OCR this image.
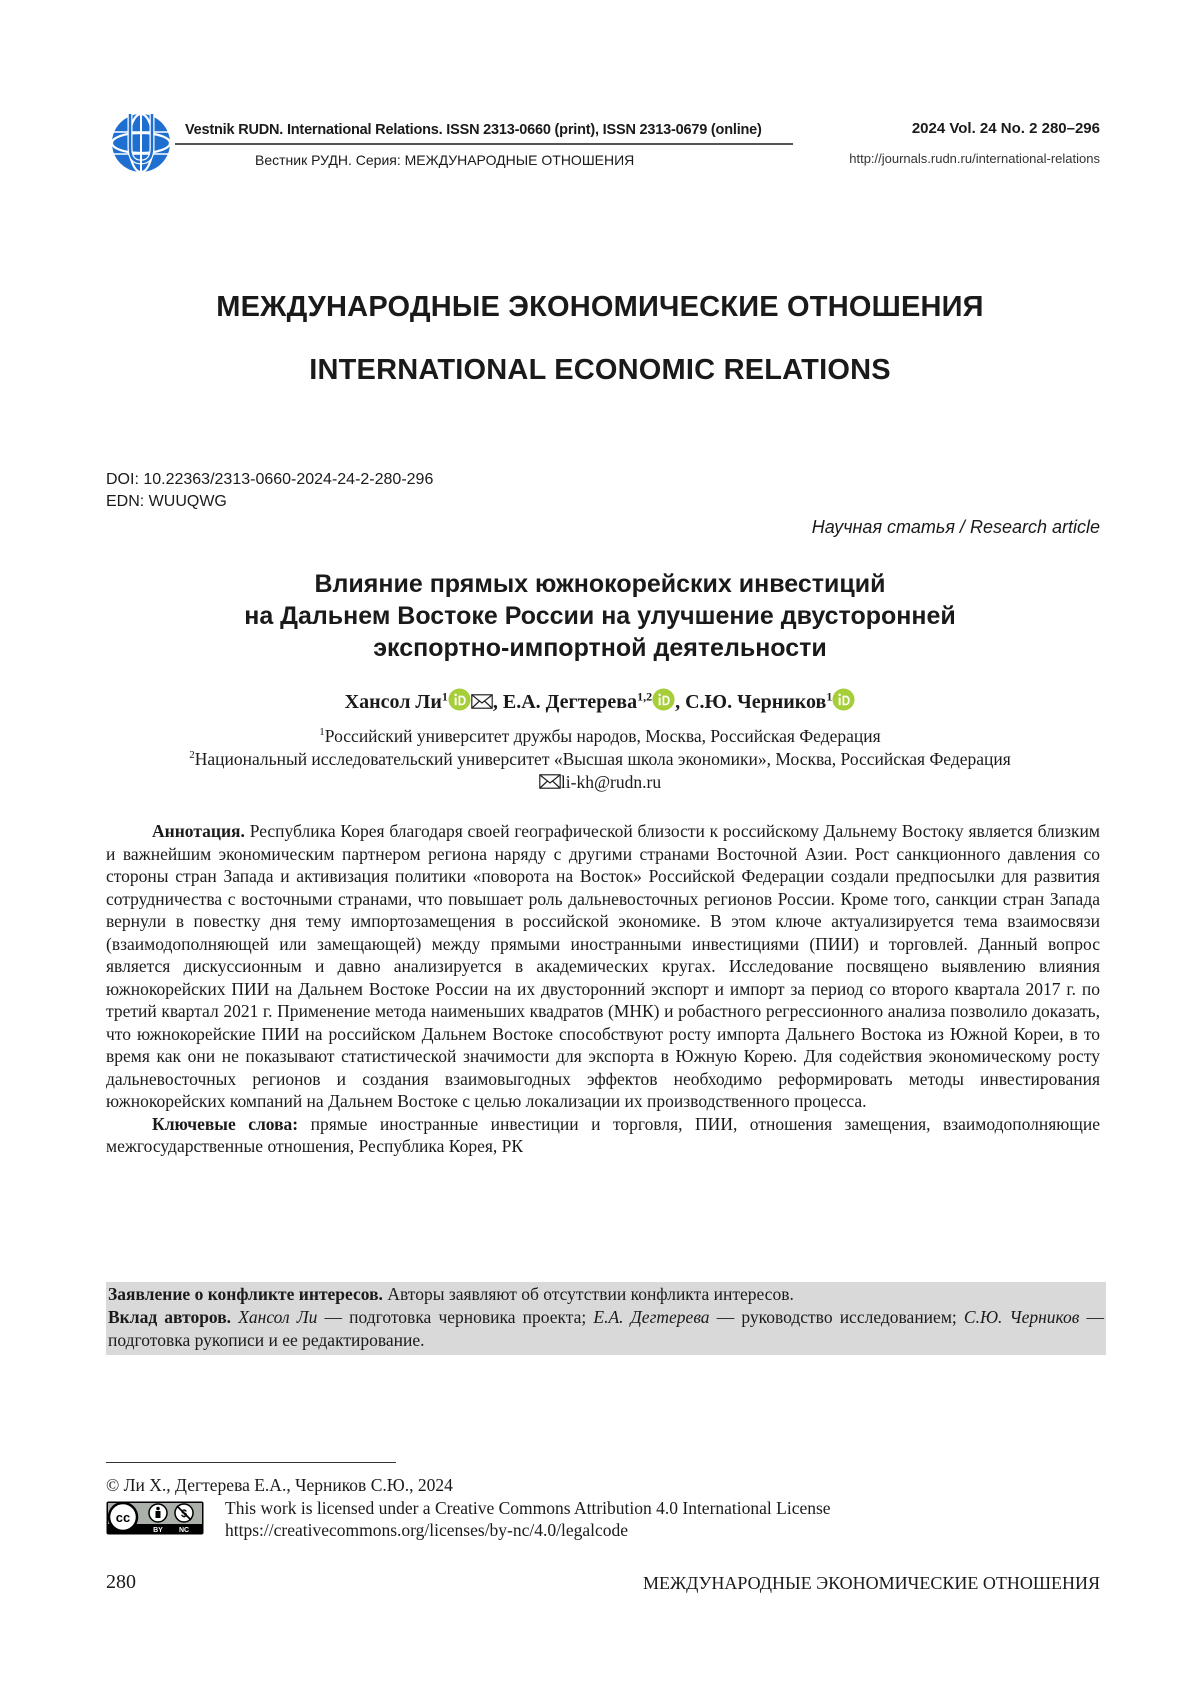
Vestnik RUDN. International Relations. ISSN 2313-0660 (print), ISSN 2313-0679 (online)
Вестник РУДН. Серия: МЕЖДУНАРОДНЫЕ ОТНОШЕНИЯ
2024 Vol. 24 No. 2 280–296
http://journals.rudn.ru/international-relations
МЕЖДУНАРОДНЫЕ ЭКОНОМИЧЕСКИЕ ОТНОШЕНИЯ
INTERNATIONAL ECONOMIC RELATIONS
DOI: 10.22363/2313-0660-2024-24-2-280-296
EDN: WUUQWG
Научная статья / Research article
Влияние прямых южнокорейских инвестиций
на Дальнем Востоке России на улучшение двусторонней
экспортно-импортной деятельности
Хансол Ли1 , Е.А. Дегтерева1,2 , С.Ю. Черников1
1Российский университет дружбы народов, Москва, Российская Федерация
2Национальный исследовательский университет «Высшая школа экономики», Москва, Российская Федерация
li-kh@rudn.ru

Аннотация. Республика Корея благодаря своей географической близости к российскому Дальнему Востоку является близким и важнейшим экономическим партнером региона наряду с другими странами Восточной Азии. Рост санкционного давления со стороны стран Запада и активизация политики «поворота на Восток» Российской Федерации создали предпосылки для развития сотрудничества с восточными странами, что повышает роль дальневосточных регионов России. Кроме того, санкции стран Запада вернули в повестку дня тему импортозамещения в российской экономике. В этом ключе актуализируется тема взаимосвязи (взаимодополняющей или замещающей) между прямыми иностранными инвестициями (ПИИ) и торговлей. Данный вопрос является дискуссионным и давно анализируется в академических кругах. Исследование посвящено выявлению влияния южнокорейских ПИИ на Дальнем Востоке России на их двусторонний экспорт и импорт за период со второго квартала 2017 г. по третий квартал 2021 г. Применение метода наименьших квадратов (МНК) и робастного регрессионного анализа позволило доказать, что южнокорейские ПИИ на российском Дальнем Востоке способствуют росту импорта Дальнего Востока из Южной Кореи, в то время как они не показывают статистической значимости для экспорта в Южную Корею. Для содействия экономическому росту дальневосточных регионов и создания взаимовыгодных эффектов необходимо реформировать методы инвестирования южнокорейских компаний на Дальнем Востоке с целью локализации их производственного процесса.

Ключевые слова: прямые иностранные инвестиции и торговля, ПИИ, отношения замещения, взаимодополняющие межгосударственные отношения, Республика Корея, РК

Заявление о конфликте интересов. Авторы заявляют об отсутствии конфликта интересов.

Вклад авторов. Хансол Ли — подготовка черновика проекта; Е.А. Дегтерева — руководство исследованием; С.Ю. Черников — подготовка рукописи и ее редактирование.

© Ли Х., Дегтерева Е.А., Черников С.Ю., 2024
cc
BY NC
This work is licensed under a Creative Commons Attribution 4.0 International License
https://creativecommons.org/licenses/by-nc/4.0/legalcode
280	МЕЖДУНАРОДНЫЕ ЭКОНОМИЧЕСКИЕ ОТНОШЕНИЯ
